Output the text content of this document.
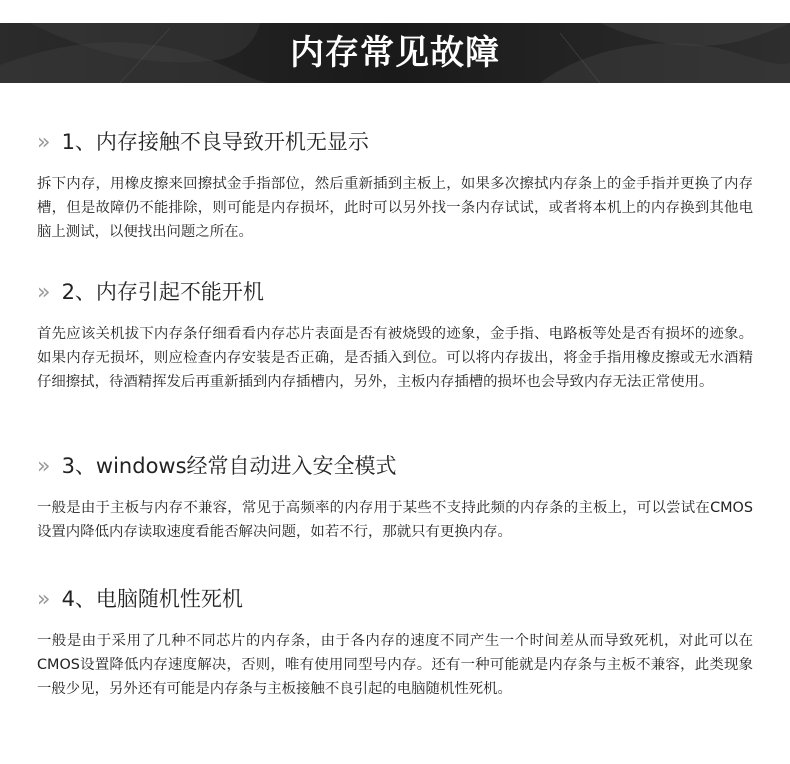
内存常见故障
» 1、内存接触不良导致开机无显示
拆下内存，用橡皮擦来回擦拭金手指部位，然后重新插到主板上，如果多次擦拭内存条上的金手指并更换了内存槽，但是故障仍不能排除，则可能是内存损坏，此时可以另外找一条内存试试，或者将本机上的内存换到其他电脑上测试，以便找出问题之所在。
» 2、内存引起不能开机
首先应该关机拔下内存条仔细看看内存芯片表面是否有被烧毁的迹象，金手指、电路板等处是否有损坏的迹象。如果内存无损坏，则应检查内存安装是否正确，是否插入到位。可以将内存拔出，将金手指用橡皮擦或无水酒精仔细擦拭，待酒精挥发后再重新插到内存插槽内，另外，主板内存插槽的损坏也会导致内存无法正常使用。
» 3、windows经常自动进入安全模式
一般是由于主板与内存不兼容，常见于高频率的内存用于某些不支持此频的内存条的主板上，可以尝试在CMOS设置内降低内存读取速度看能否解决问题，如若不行，那就只有更换内存。
» 4、电脑随机性死机
一般是由于采用了几种不同芯片的内存条，由于各内存的速度不同产生一个时间差从而导致死机，对此可以在CMOS设置降低内存速度解决，否则，唯有使用同型号内存。还有一种可能就是内存条与主板不兼容，此类现象一般少见，另外还有可能是内存条与主板接触不良引起的电脑随机性死机。
